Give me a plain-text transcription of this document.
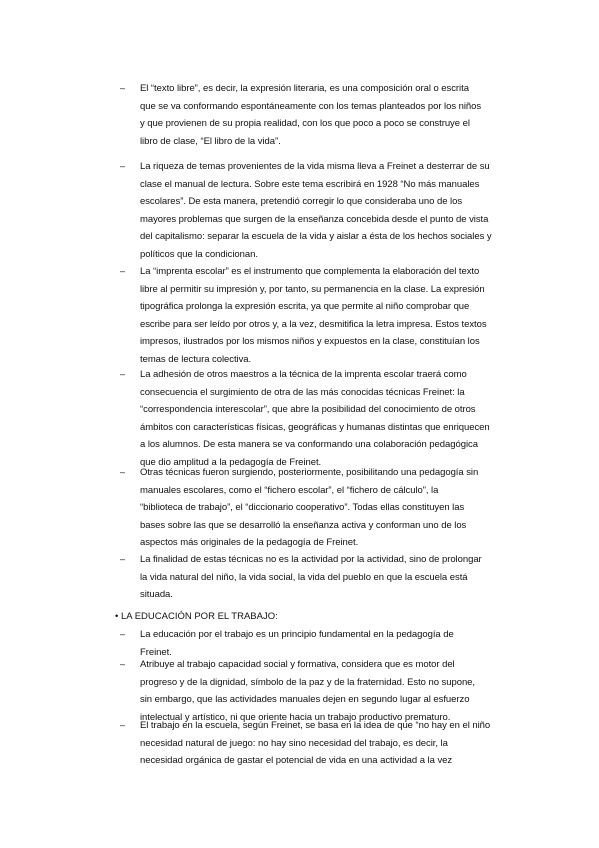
– El “texto libre”, es decir, la expresión literaria, es una composición oral o escrita
que se va conformando espontáneamente con los temas planteados por los niños
y que provienen de su propia realidad, con los que poco a poco se construye el
libro de clase, “El libro de la vida”.
– La riqueza de temas provenientes de la vida misma lleva a Freinet a desterrar de su
clase el manual de lectura. Sobre este tema escribirá en 1928 “No más manuales
escolares”. De esta manera, pretendió corregir lo que consideraba uno de los
mayores problemas que surgen de la enseñanza concebida desde el punto de vista
del capitalismo: separar la escuela de la vida y aislar a ésta de los hechos sociales y
políticos que la condicionan.
– La “imprenta escolar” es el instrumento que complementa la elaboración del texto
libre al permitir su impresión y, por tanto, su permanencia en la clase. La expresión
tipográfica prolonga la expresión escrita, ya que permite al niño comprobar que
escribe para ser leído por otros y, a la vez, desmitifica la letra impresa. Estos textos
impresos, ilustrados por los mismos niños y expuestos en la clase, constituían los
temas de lectura colectiva.
– La adhesión de otros maestros a la técnica de la imprenta escolar traerá como
consecuencia el surgimiento de otra de las más conocidas técnicas Freinet: la
“correspondencia interescolar”, que abre la posibilidad del conocimiento de otros
ámbitos con características físicas, geográficas y humanas distintas que enriquecen
a los alumnos. De esta manera se va conformando una colaboración pedagógica
que dio amplitud a la pedagogía de Freinet.
– Otras técnicas fueron surgiendo, posteriormente, posibilitando una pedagogía sin
manuales escolares, como el “fichero escolar”, el “fichero de cálculo”, la
“biblioteca de trabajo”, el “diccionario cooperativo”. Todas ellas constituyen las
bases sobre las que se desarrolló la enseñanza activa y conforman uno de los
aspectos más originales de la pedagogía de Freinet.
– La finalidad de estas técnicas no es la actividad por la actividad, sino de prolongar
la vida natural del niño, la vida social, la vida del pueblo en que la escuela está
situada.
• LA EDUCACIÓN POR EL TRABAJO:
– La educación por el trabajo es un principio fundamental en la pedagogía de
Freinet.
– Atribuye al trabajo capacidad social y formativa, considera que es motor del
progreso y de la dignidad, símbolo de la paz y de la fraternidad. Esto no supone,
sin embargo, que las actividades manuales dejen en segundo lugar al esfuerzo
intelectual y artístico, ni que oriente hacia un trabajo productivo prematuro.
– El trabajo en la escuela, según Freinet, se basa en la idea de que “no hay en el niño
necesidad natural de juego: no hay sino necesidad del trabajo, es decir, la
necesidad orgánica de gastar el potencial de vida en una actividad a la vez
